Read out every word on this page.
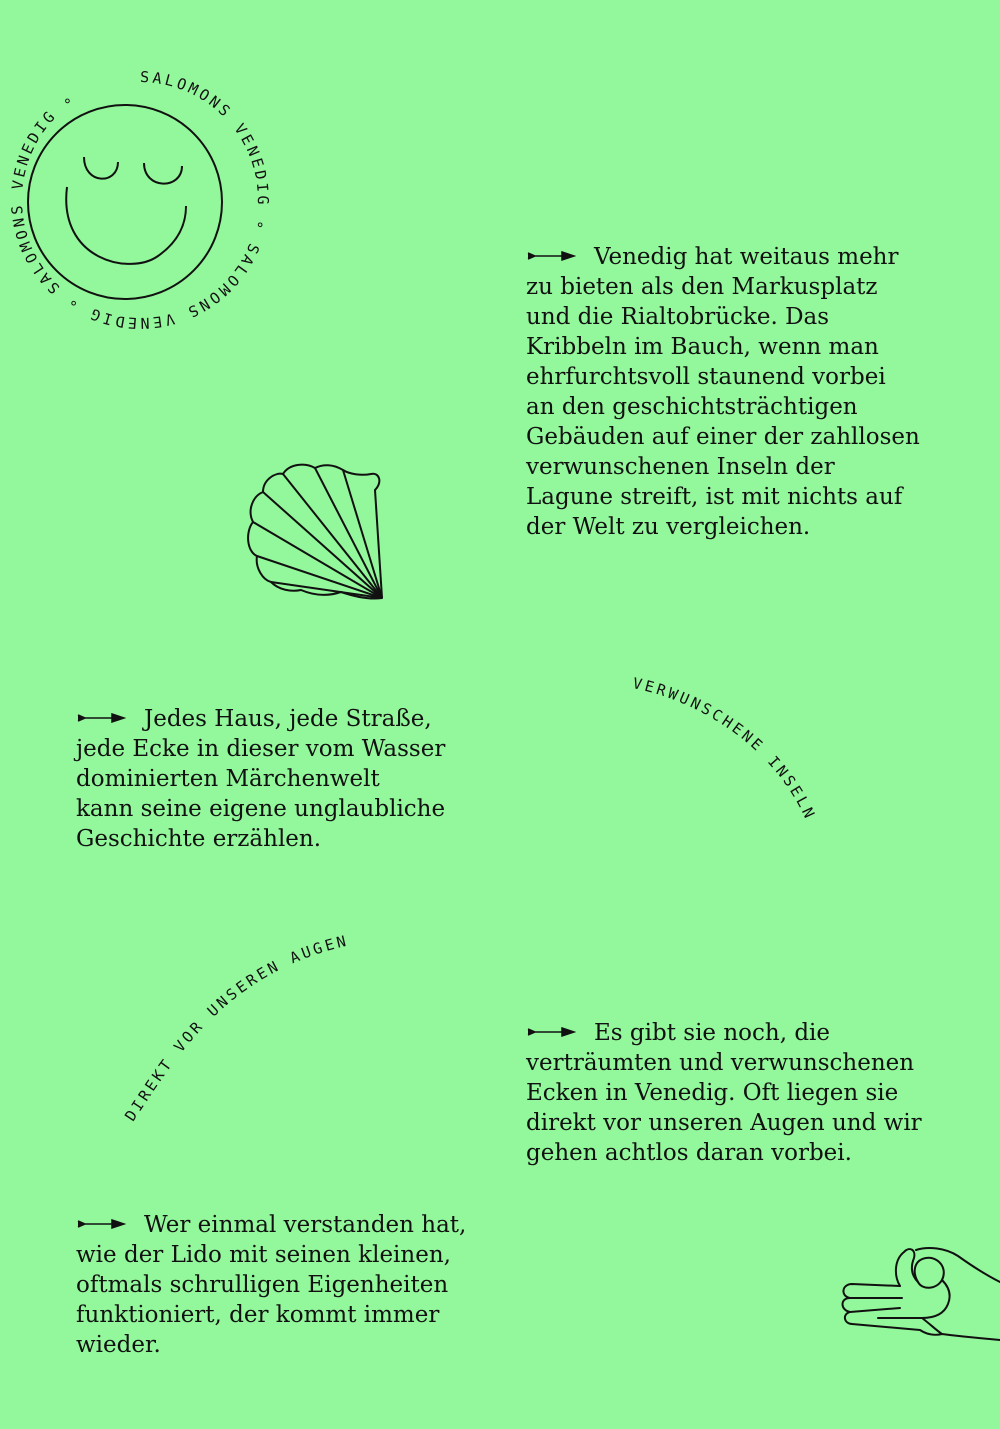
SALOMONS VENEDIG ∘ SALOMONS VENEDIG ∘ SALOMONS VENEDIG ∘
Venedig hat weitaus mehr
zu bieten als den Markusplatz
und die Rialtobrücke. Das
Kribbeln im Bauch, wenn man
ehrfurchtsvoll staunend vorbei
an den geschichtsträchtigen
Gebäuden auf einer der zahllosen
verwunschenen Inseln der
Lagune streift, ist mit nichts auf
der Welt zu vergleichen.
VERWUNSCHENE INSELN
Jedes Haus, jede Straße,
jede Ecke in dieser vom Wasser
dominierten Märchenwelt
kann seine eigene unglaubliche
Geschichte erzählen.
DIREKT VOR UNSEREN AUGEN
Es gibt sie noch, die
verträumten und verwunschenen
Ecken in Venedig. Oft liegen sie
direkt vor unseren Augen und wir
gehen achtlos daran vorbei.
Wer einmal verstanden hat,
wie der Lido mit seinen kleinen,
oftmals schrulligen Eigenheiten
funktioniert, der kommt immer
wieder.
